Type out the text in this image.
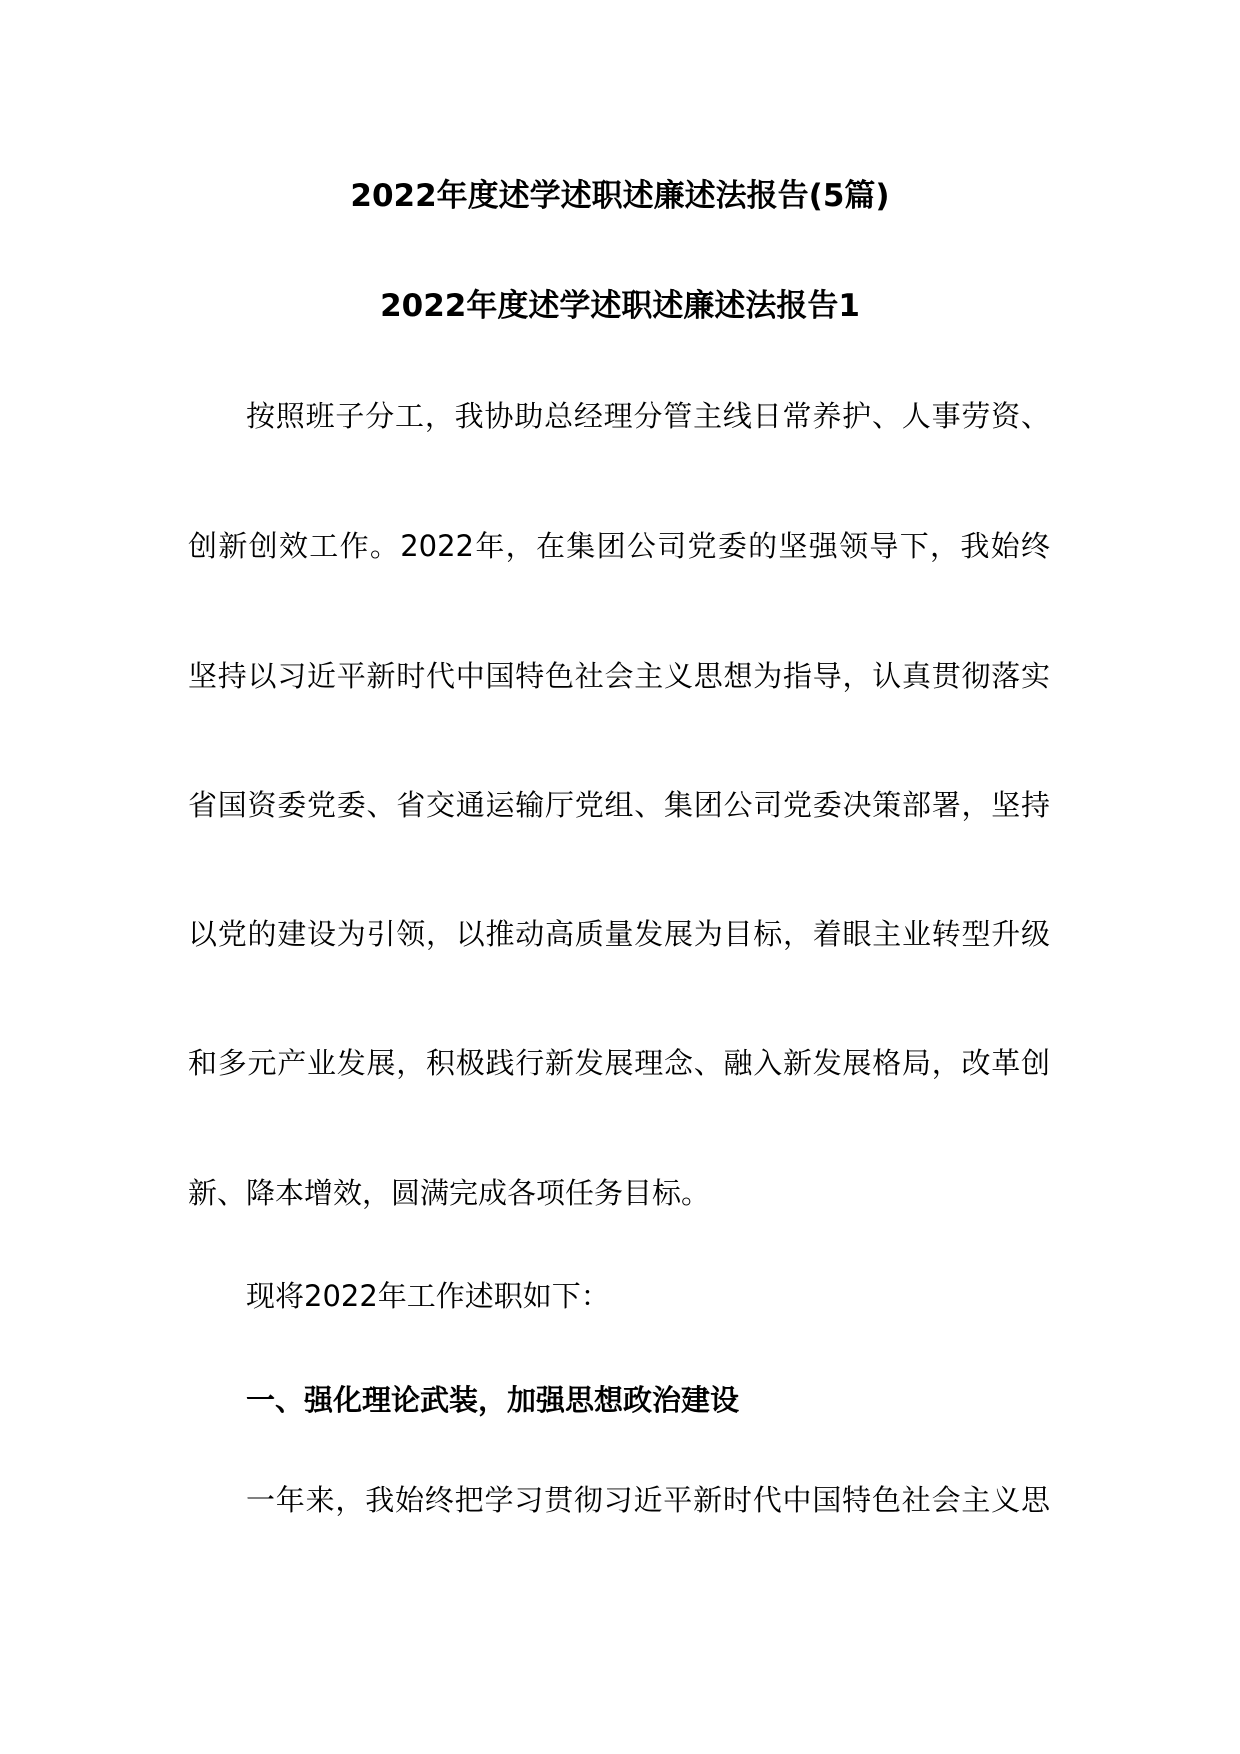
2022年度述学述职述廉述法报告(5篇)
2022年度述学述职述廉述法报告1
按照班子分工，我协助总经理分管主线日常养护、人事劳资、
创新创效工作。2022年，在集团公司党委的坚强领导下，我始终
坚持以习近平新时代中国特色社会主义思想为指导，认真贯彻落实
省国资委党委、省交通运输厅党组、集团公司党委决策部署，坚持
以党的建设为引领，以推动高质量发展为目标，着眼主业转型升级
和多元产业发展，积极践行新发展理念、融入新发展格局，改革创
新、降本增效，圆满完成各项任务目标。
现将2022年工作述职如下：
一、强化理论武装，加强思想政治建设
一年来，我始终把学习贯彻习近平新时代中国特色社会主义思
